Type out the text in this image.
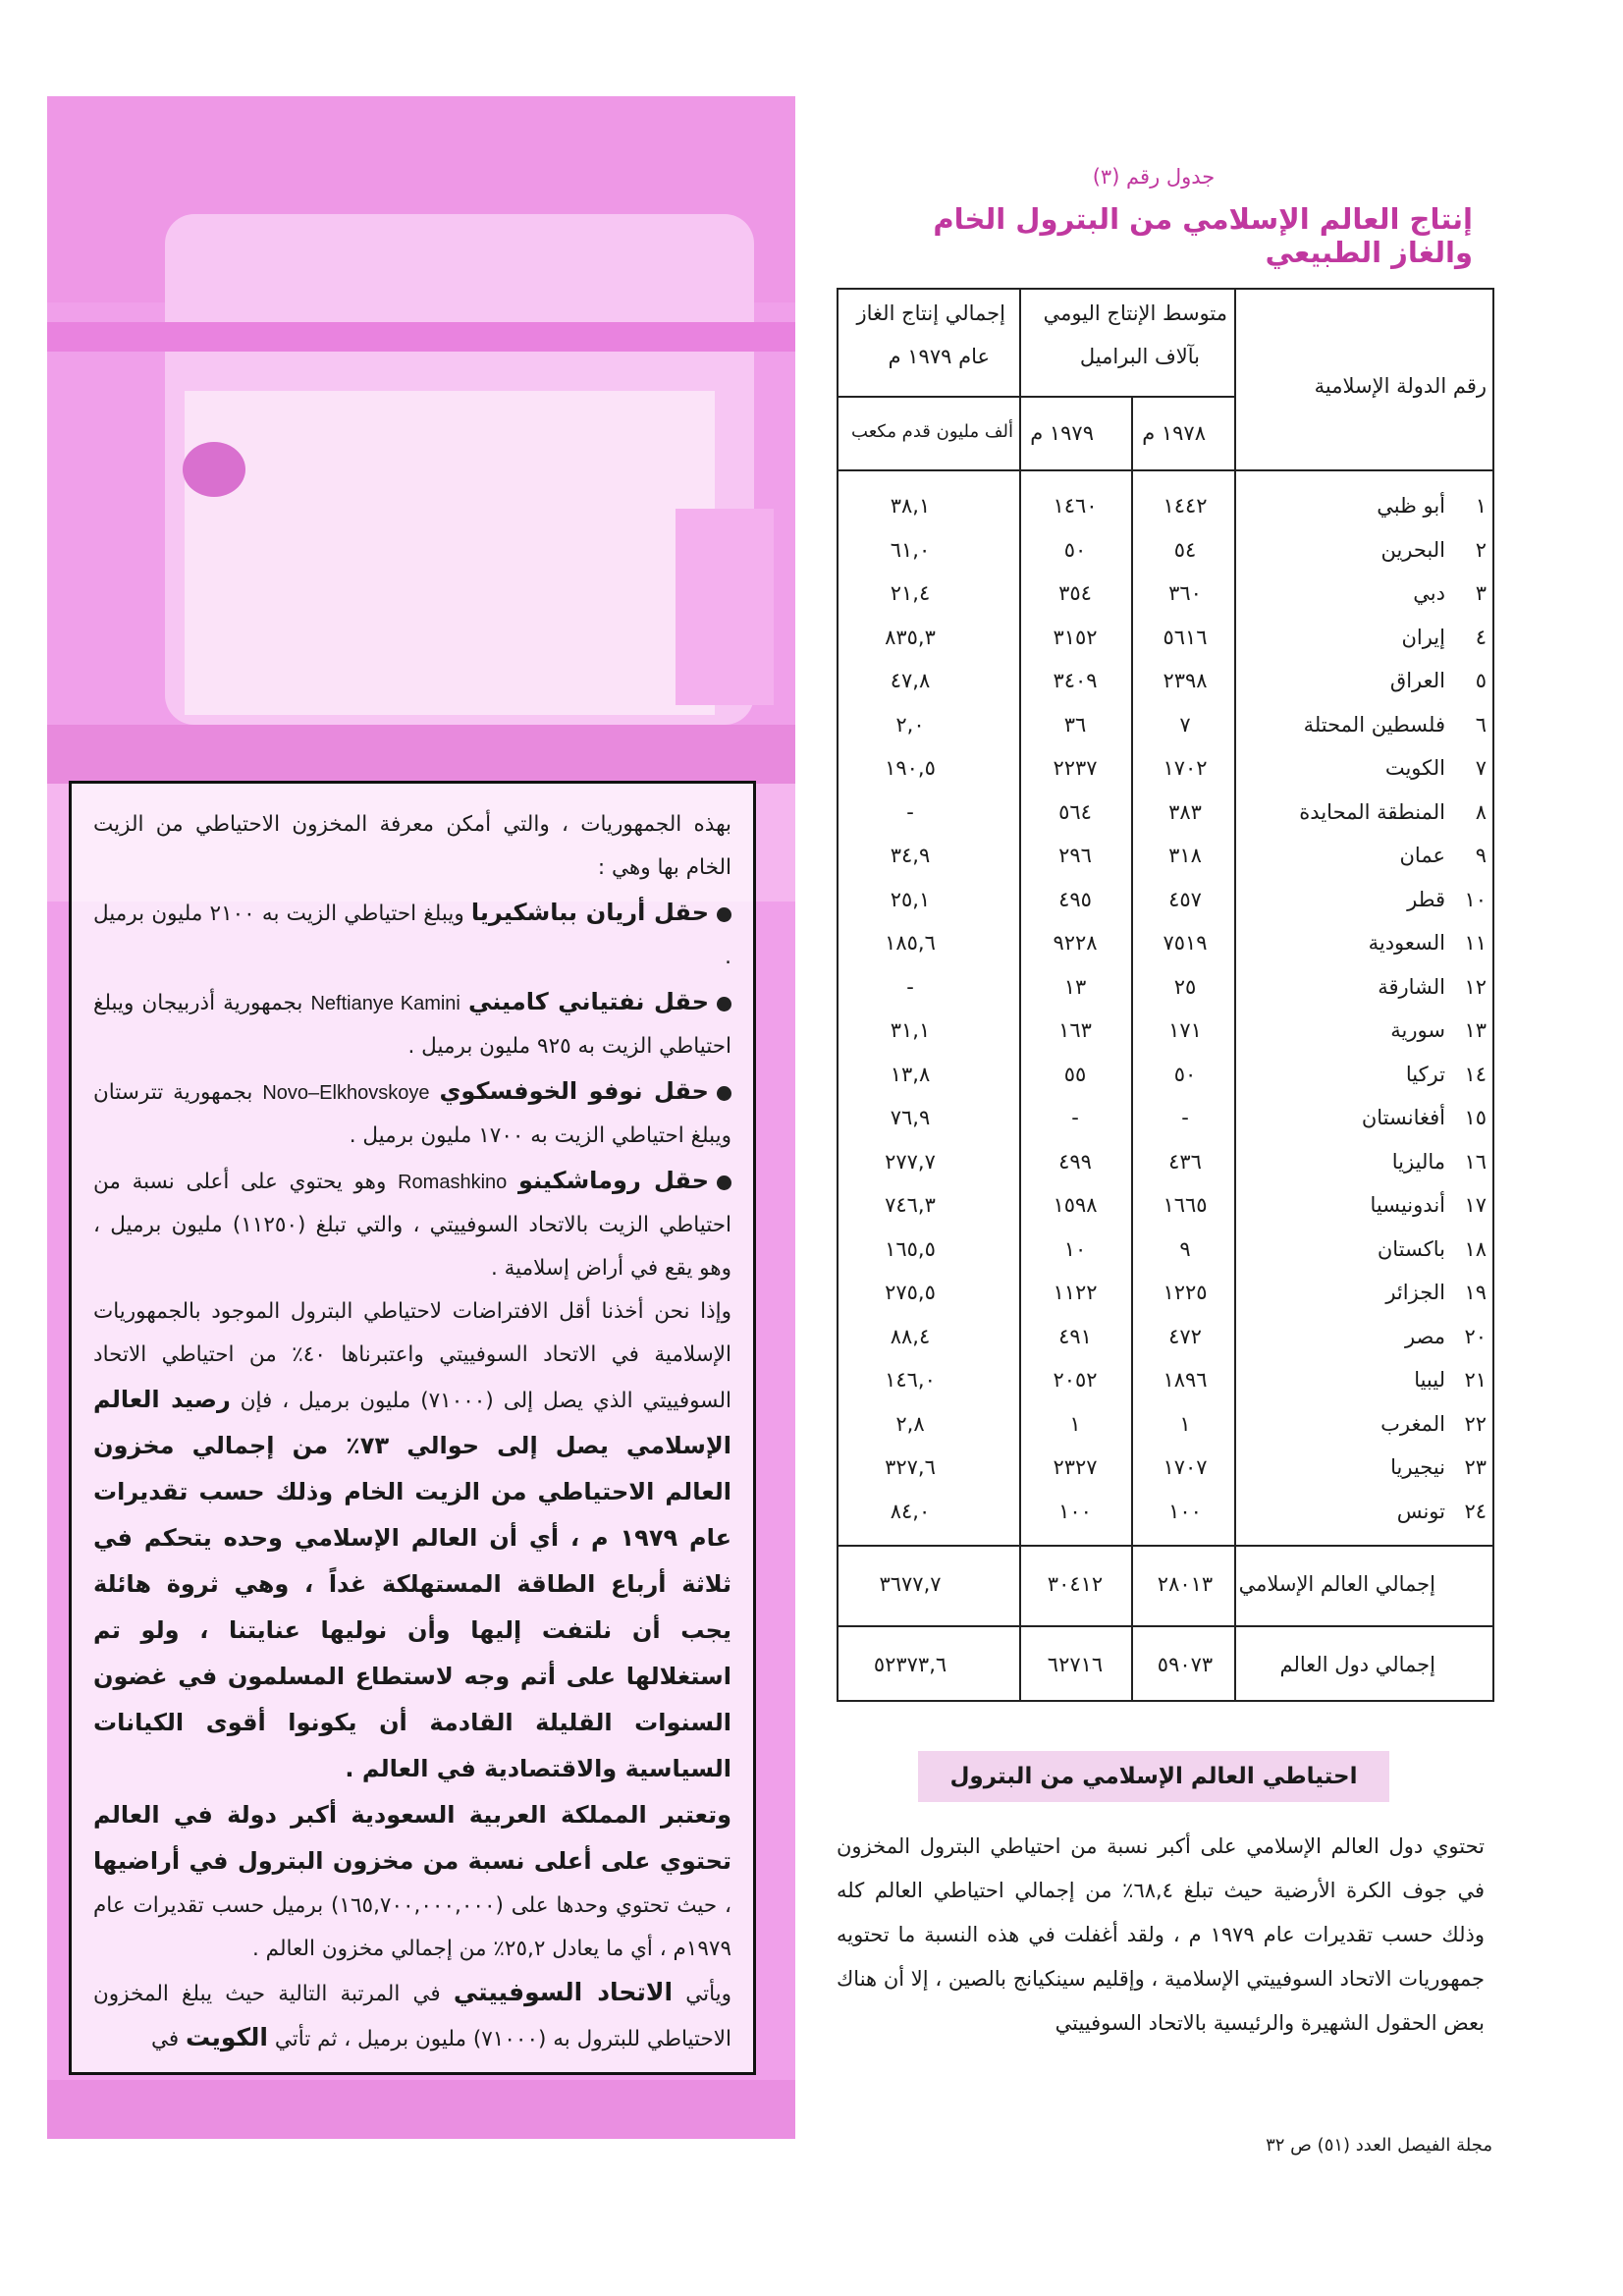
بهذه الجمهوريات ، والتي أمكن معرفة المخزون الاحتياطي من الزيت الخام بها وهي :

حقل أريان بباشكيريا ويبلغ احتياطي الزيت به ٢١٠٠ مليون برميل .

حقل نفتياني كاميني Neftianye Kamini بجمهورية أذربيجان ويبلغ احتياطي الزيت به ٩٢٥ مليون برميل .

حقل نوفو الخوفسكوي Novo–Elkhovskoye بجمهورية تترستان ويبلغ احتياطي الزيت به ١٧٠٠ مليون برميل .

حقل روماشكينو Romashkino وهو يحتوي على أعلى نسبة من احتياطي الزيت بالاتحاد السوفييتي ، والتي تبلغ (١١٢٥٠) مليون برميل ، وهو يقع في أراض إسلامية .

وإذا نحن أخذنا أقل الافتراضات لاحتياطي البترول الموجود بالجمهوريات الإسلامية في الاتحاد السوفييتي واعتبرناها ٤٠٪ من احتياطي الاتحاد السوفييتي الذي يصل إلى (٧١٠٠٠) مليون برميل ، فإن رصيد العالم الإسلامي يصل إلى حوالي ٧٣٪ من إجمالي مخزون العالم الاحتياطي من الزيت الخام وذلك حسب تقديرات عام ١٩٧٩ م ، أي أن العالم الإسلامي وحده يتحكم في ثلاثة أرباع الطاقة المستهلكة غداً ، وهي ثروة هائلة يجب أن نلتفت إليها وأن نوليها عنايتنا ، ولو تم استغلالها على أتم وجه لاستطاع المسلمون في غضون السنوات القليلة القادمة أن يكونوا أقوى الكيانات السياسية والاقتصادية في العالم .

وتعتبر المملكة العربية السعودية أكبر دولة في العالم تحتوي على أعلى نسبة من مخزون البترول في أراضيها ، حيث تحتوي وحدها على (١٦٥,٧٠٠,٠٠٠,٠٠٠) برميل حسب تقديرات عام ١٩٧٩م ، أي ما يعادل ٢٥,٢٪ من إجمالي مخزون العالم .

ويأتي الاتحاد السوفييتي في المرتبة التالية حيث يبلغ المخزون الاحتياطي للبترول به (٧١٠٠٠) مليون برميل ، ثم تأتي الكويت في

جدول رقم (٣)
إنتاج العالم الإسلامي من البترول الخام والغاز الطبيعي
رقم الدولة الإسلامية
متوسط الإنتاج اليومي
بآلاف البراميل
إجمالي إنتاج الغاز
عام ١٩٧٩ م
١٩٧٨ م
١٩٧٩ م
ألف مليون قدم مكعب
١
أبو ظبي
١٤٤٢
١٤٦٠
٣٨,١
٢
البحرين
٥٤
٥٠
٦١,٠
٣
دبي
٣٦٠
٣٥٤
٢١,٤
٤
إيران
٥٦١٦
٣١٥٢
٨٣٥,٣
٥
العراق
٢٣٩٨
٣٤٠٩
٤٧,٨
٦
فلسطين المحتلة
٧
٣٦
٢,٠
٧
الكويت
١٧٠٢
٢٢٣٧
١٩٠,٥
٨
المنطقة المحايدة
٣٨٣
٥٦٤
-
٩
عمان
٣١٨
٢٩٦
٣٤,٩
١٠
قطر
٤٥٧
٤٩٥
٢٥,١
١١
السعودية
٧٥١٩
٩٢٢٨
١٨٥,٦
١٢
الشارقة
٢٥
١٣
-
١٣
سورية
١٧١
١٦٣
٣١,١
١٤
تركيا
٥٠
٥٥
١٣,٨
١٥
أفغانستان
-
-
٧٦,٩
١٦
ماليزيا
٤٣٦
٤٩٩
٢٧٧,٧
١٧
أندونيسيا
١٦٦٥
١٥٩٨
٧٤٦,٣
١٨
باكستان
٩
١٠
١٦٥,٥
١٩
الجزائر
١٢٢٥
١١٢٢
٢٧٥,٥
٢٠
مصر
٤٧٢
٤٩١
٨٨,٤
٢١
ليبيا
١٨٩٦
٢٠٥٢
١٤٦,٠
٢٢
المغرب
١
١
٢,٨
٢٣
نيجيريا
١٧٠٧
٢٣٢٧
٣٢٧,٦
٢٤
تونس
١٠٠
١٠٠
٨٤,٠
إجمالي العالم الإسلامي
٢٨٠١٣
٣٠٤١٢
٣٦٧٧,٧
إجمالي دول العالم
٥٩٠٧٣
٦٢٧١٦
٥٢٣٧٣,٦
احتياطي العالم الإسلامي من البترول

تحتوي دول العالم الإسلامي على أكبر نسبة من احتياطي البترول المخزون في جوف الكرة الأرضية حيث تبلغ ٦٨,٤٪ من إجمالي احتياطي العالم كله وذلك حسب تقديرات عام ١٩٧٩ م ، ولقد أغفلت في هذه النسبة ما تحتويه جمهوريات الاتحاد السوفييتي الإسلامية ، وإقليم سينكيانج بالصين ، إلا أن هناك بعض الحقول الشهيرة والرئيسية بالاتحاد السوفييتي

مجلة الفيصل العدد (٥١) ص ٣٢
